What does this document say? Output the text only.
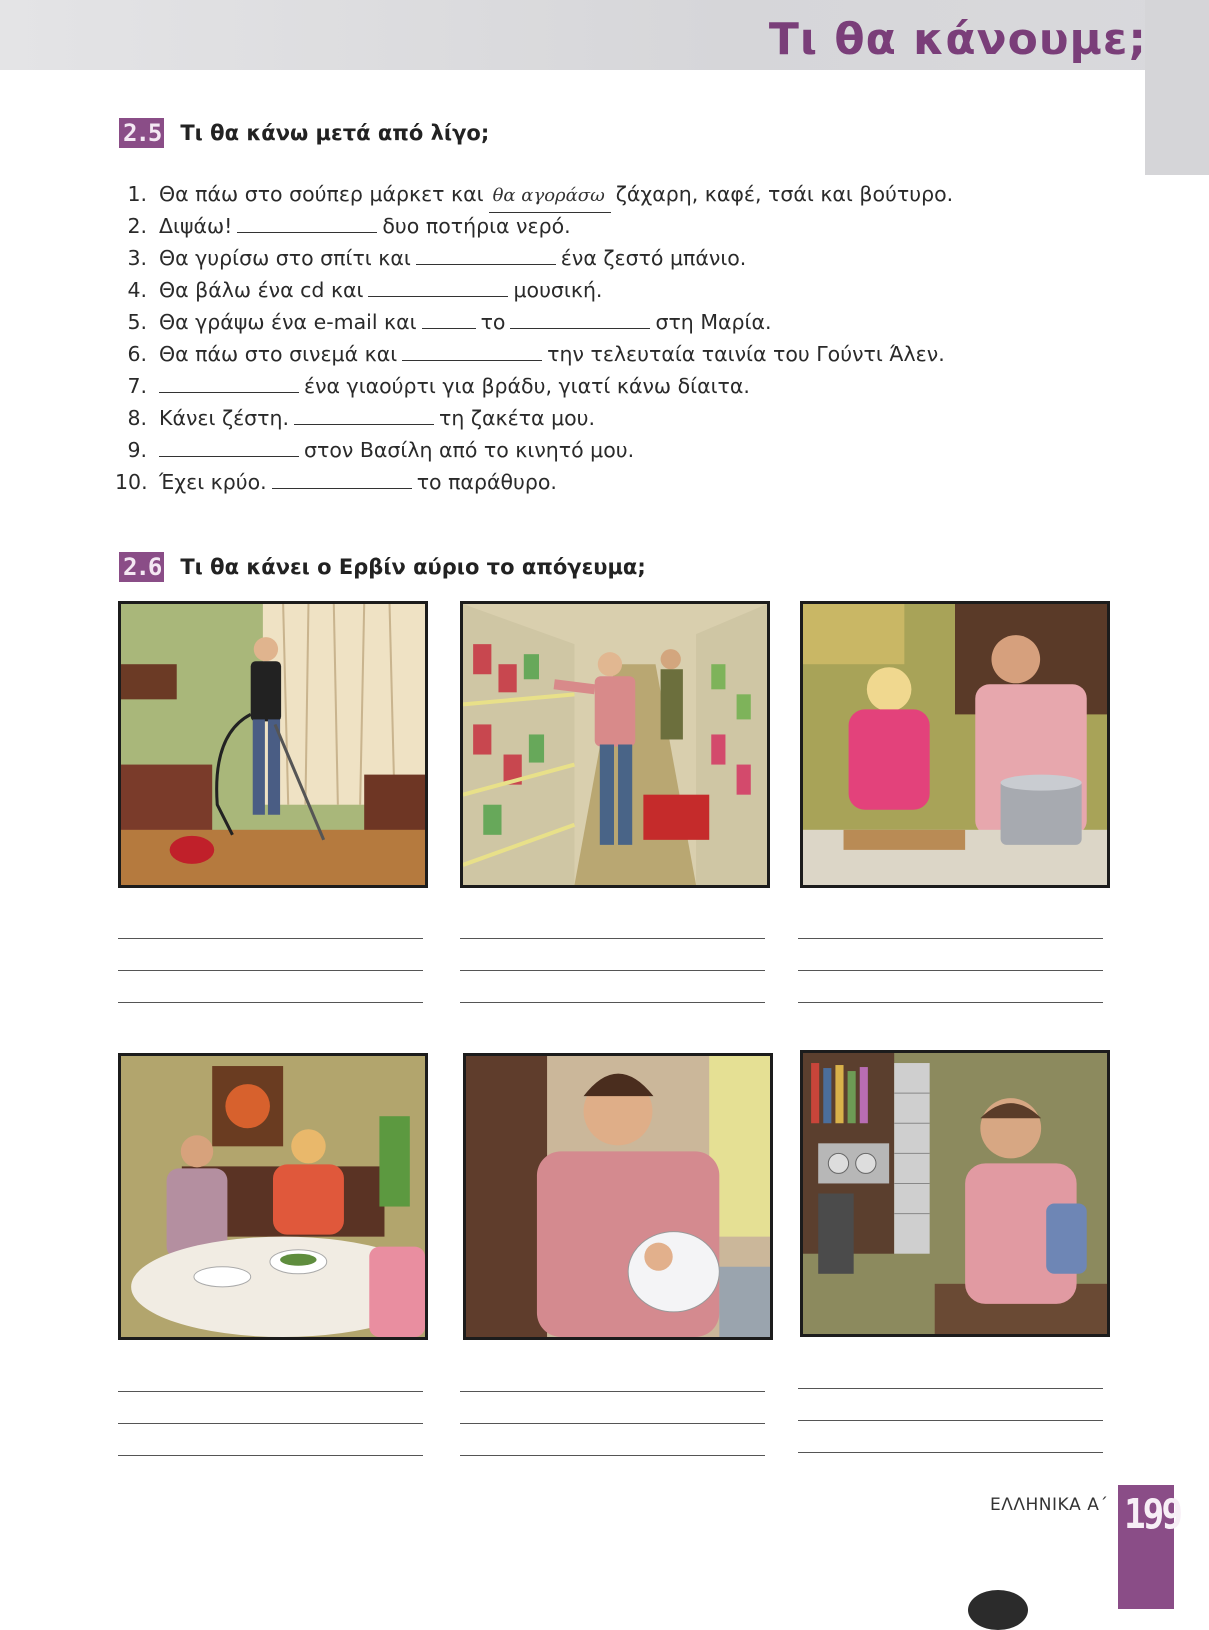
Τι θα κάνουμε;
2.5 Τι θα κάνω μετά από λίγο;
1. Θα πάω στο σούπερ μάρκετ και θα αγοράσω ζάχαρη, καφέ, τσάι και βούτυρο.
2. Διψάω!	δυο ποτήρια νερό.
3. Θα γυρίσω στο σπίτι και	ένα ζεστό μπάνιο.
4. Θα βάλω ένα cd και	μουσική.
5. Θα γράψω ένα e-mail και	το	στη Μαρία.
6. Θα πάω στο σινεμά και	την τελευταία ταινία του Γούντι Άλεν.
7.	ένα γιαούρτι για βράδυ, γιατί κάνω δίαιτα.
8. Κάνει ζέστη.	τη ζακέτα μου.
9.	στον Βασίλη από το κινητό μου.
10. Έχει κρύο.	το παράθυρο.
2.6 Τι θα κάνει ο Ερβίν αύριο το απόγευμα;
ΕΛΛΗΝΙΚΑ Α΄ 199
